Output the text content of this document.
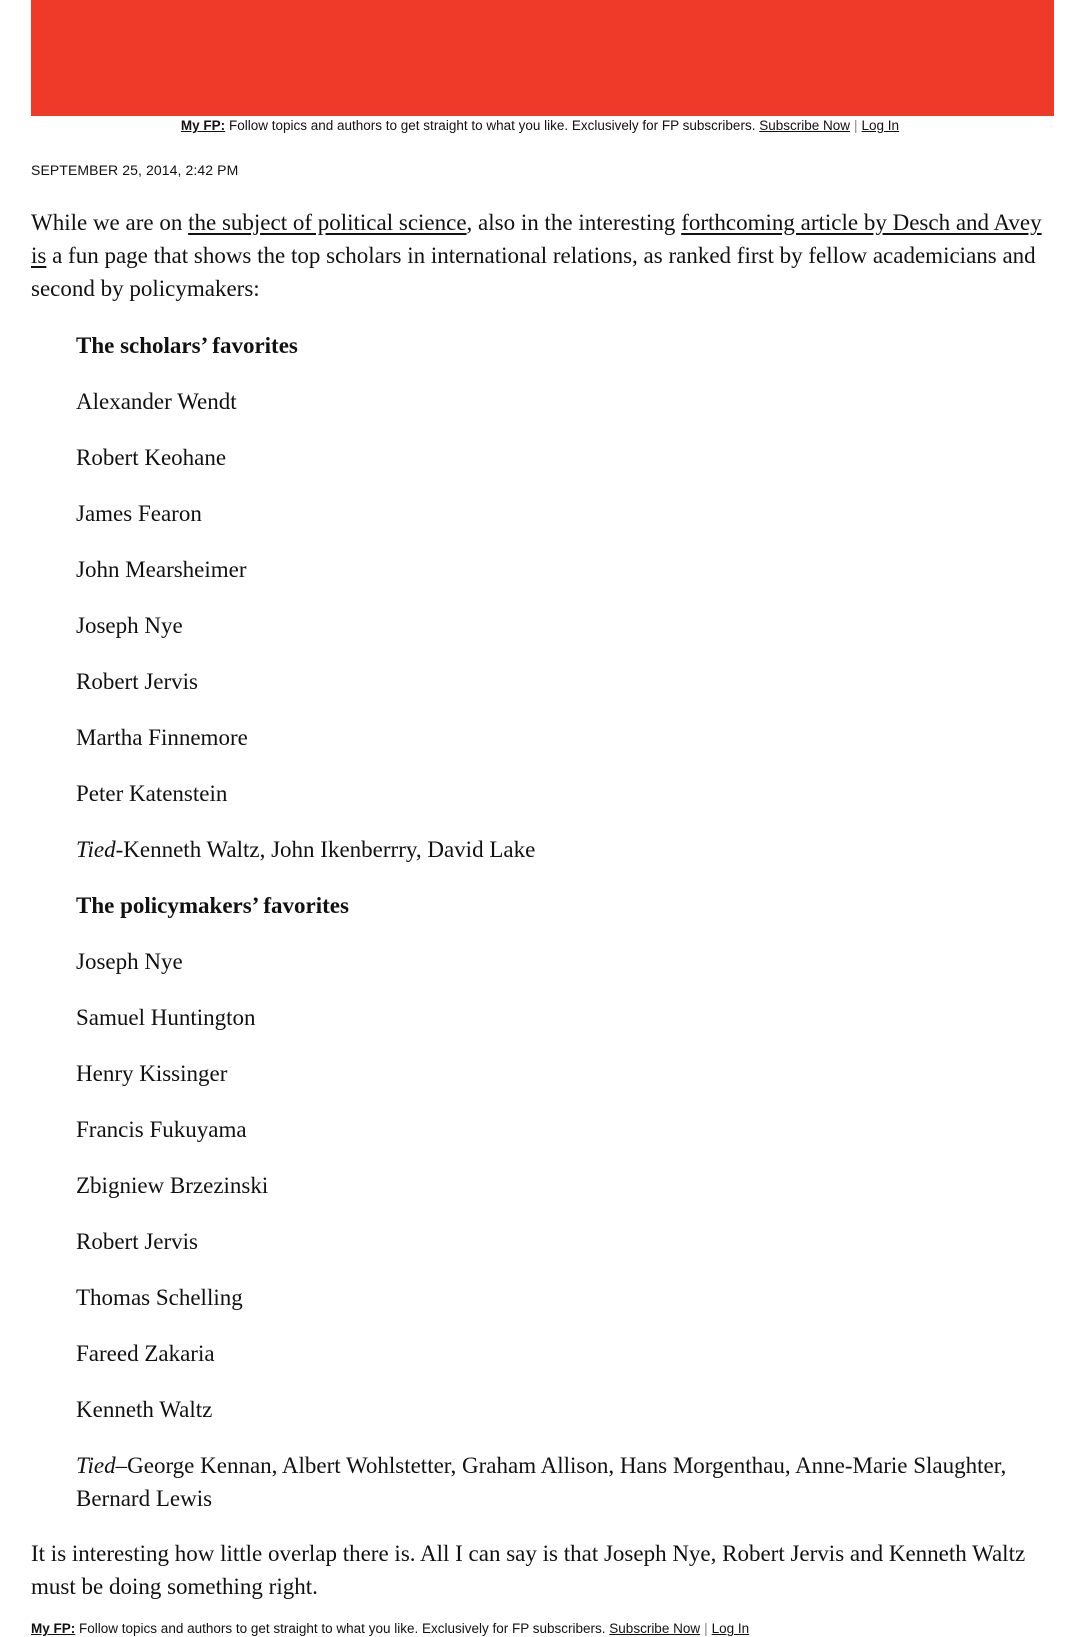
My FP: Follow topics and authors to get straight to what you like. Exclusively for FP subscribers. Subscribe Now | Log In
SEPTEMBER 25, 2014, 2:42 PM

While we are on the subject of political science, also in the interesting forthcoming article by Desch and Avey is a fun page that shows the top scholars in international relations, as ranked first by fellow academicians and second by policymakers:

The scholars’ favorites
Alexander Wendt
Robert Keohane
James Fearon
John Mearsheimer
Joseph Nye
Robert Jervis
Martha Finnemore
Peter Katenstein
Tied-Kenneth Waltz, John Ikenberrry, David Lake
The policymakers’ favorites
Joseph Nye
Samuel Huntington
Henry Kissinger
Francis Fukuyama
Zbigniew Brzezinski
Robert Jervis
Thomas Schelling
Fareed Zakaria
Kenneth Waltz
Tied–George Kennan, Albert Wohlstetter, Graham Allison, Hans Morgenthau, Anne-Marie Slaughter, Bernard Lewis

It is interesting how little overlap there is. All I can say is that Joseph Nye, Robert Jervis and Kenneth Waltz must be doing something right.

My FP: Follow topics and authors to get straight to what you like. Exclusively for FP subscribers. Subscribe Now | Log In
